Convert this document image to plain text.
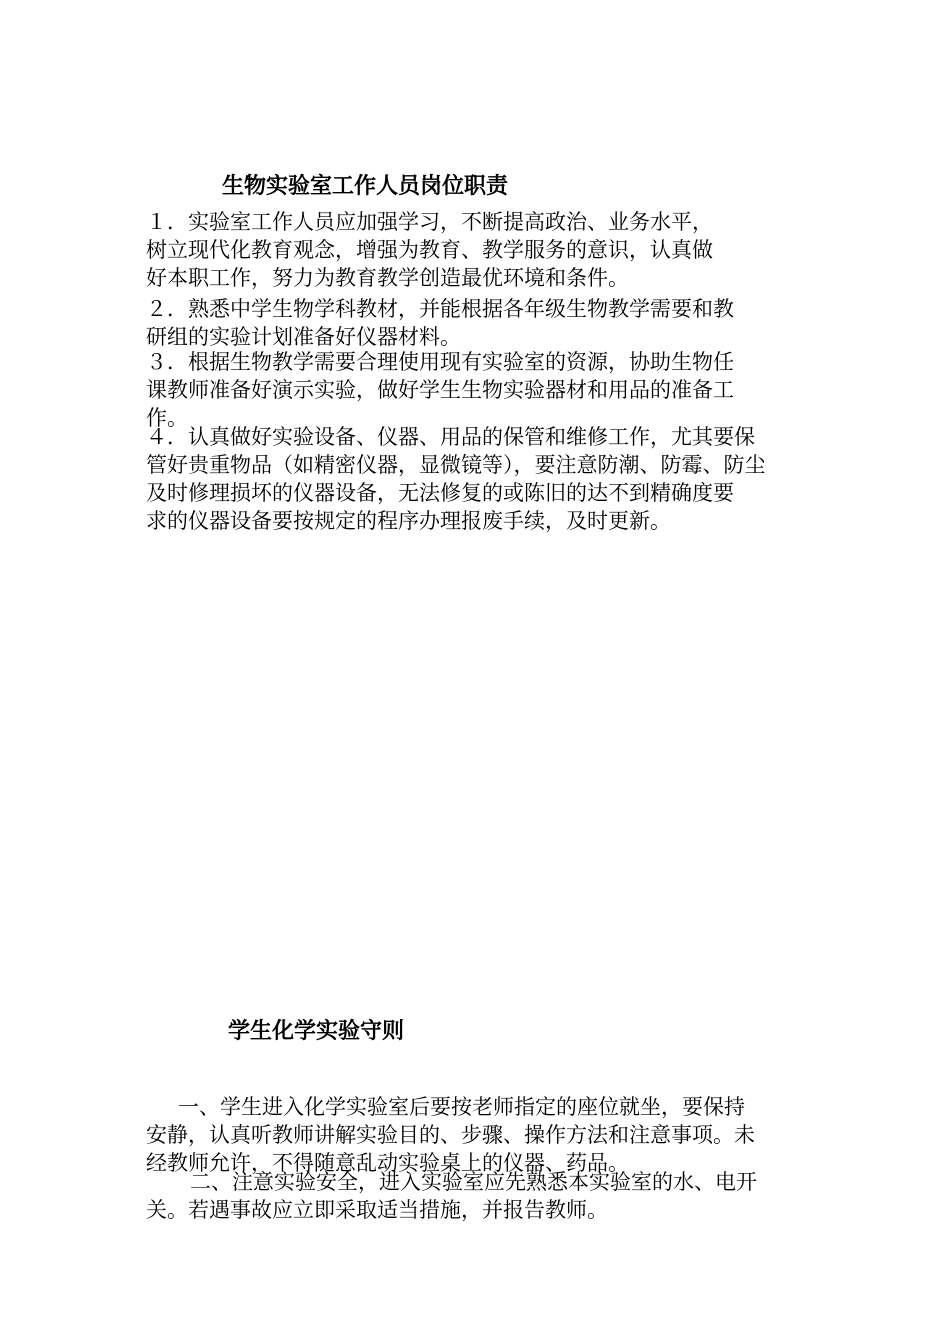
生物实验室工作人员岗位职责
１．实验室工作人员应加强学习，不断提高政治、业务水平，
树立现代化教育观念，增强为教育、教学服务的意识，认真做
好本职工作，努力为教育教学创造最优环境和条件。
２．熟悉中学生物学科教材，并能根据各年级生物教学需要和教
研组的实验计划准备好仪器材料。
３．根据生物教学需要合理使用现有实验室的资源，协助生物任
课教师准备好演示实验，做好学生生物实验器材和用品的准备工
作。
４．认真做好实验设备、仪器、用品的保管和维修工作，尤其要保
管好贵重物品（如精密仪器，显微镜等），要注意防潮、防霉、防尘
及时修理损坏的仪器设备，无法修复的或陈旧的达不到精确度要
求的仪器设备要按规定的程序办理报废手续，及时更新。
学生化学实验守则
一、学生进入化学实验室后要按老师指定的座位就坐，要保持
安静，认真听教师讲解实验目的、步骤、操作方法和注意事项。未
经教师允许，不得随意乱动实验桌上的仪器、药品。
二、注意实验安全，进入实验室应先熟悉本实验室的水、电开
关。若遇事故应立即采取适当措施，并报告教师。
